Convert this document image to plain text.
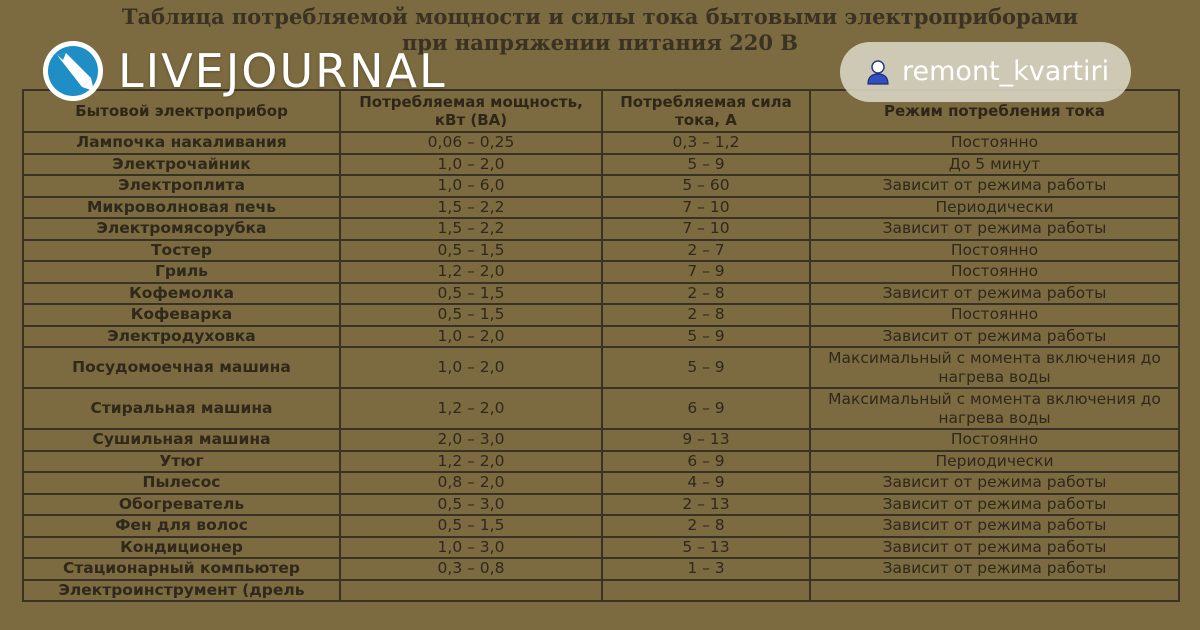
Таблица потребляемой мощности и силы тока бытовыми электроприборами
при напряжении питания 220 В
Бытовой электроприбор	Потребляемая мощность, кВт (ВА)	Потребляемая сила тока, А	Режим потребления тока
Лампочка накаливания	0,06 – 0,25	0,3 – 1,2	Постоянно
Электрочайник	1,0 – 2,0	5 – 9	До 5 минут
Электроплита	1,0 – 6,0	5 – 60	Зависит от режима работы
Микроволновая печь	1,5 – 2,2	7 – 10	Периодически
Электромясорубка	1,5 – 2,2	7 – 10	Зависит от режима работы
Тостер	0,5 – 1,5	2 – 7	Постоянно
Гриль	1,2 – 2,0	7 – 9	Постоянно
Кофемолка	0,5 – 1,5	2 – 8	Зависит от режима работы
Кофеварка	0,5 – 1,5	2 – 8	Постоянно
Электродуховка	1,0 – 2,0	5 – 9	Зависит от режима работы
Посудомоечная машина	1,0 – 2,0	5 – 9	Максимальный с момента включения до нагрева воды
Стиральная машина	1,2 – 2,0	6 – 9	Максимальный с момента включения до нагрева воды
Сушильная машина	2,0 – 3,0	9 – 13	Постоянно
Утюг	1,2 – 2,0	6 – 9	Периодически
Пылесос	0,8 – 2,0	4 – 9	Зависит от режима работы
Обогреватель	0,5 – 3,0	2 – 13	Зависит от режима работы
Фен для волос	0,5 – 1,5	2 – 8	Зависит от режима работы
Кондиционер	1,0 – 3,0	5 – 13	Зависит от режима работы
Стационарный компьютер	0,3 – 0,8	1 – 3	Зависит от режима работы
Электроинструмент (дрель			
LIVEJOURNAL	remont_kvartiri
